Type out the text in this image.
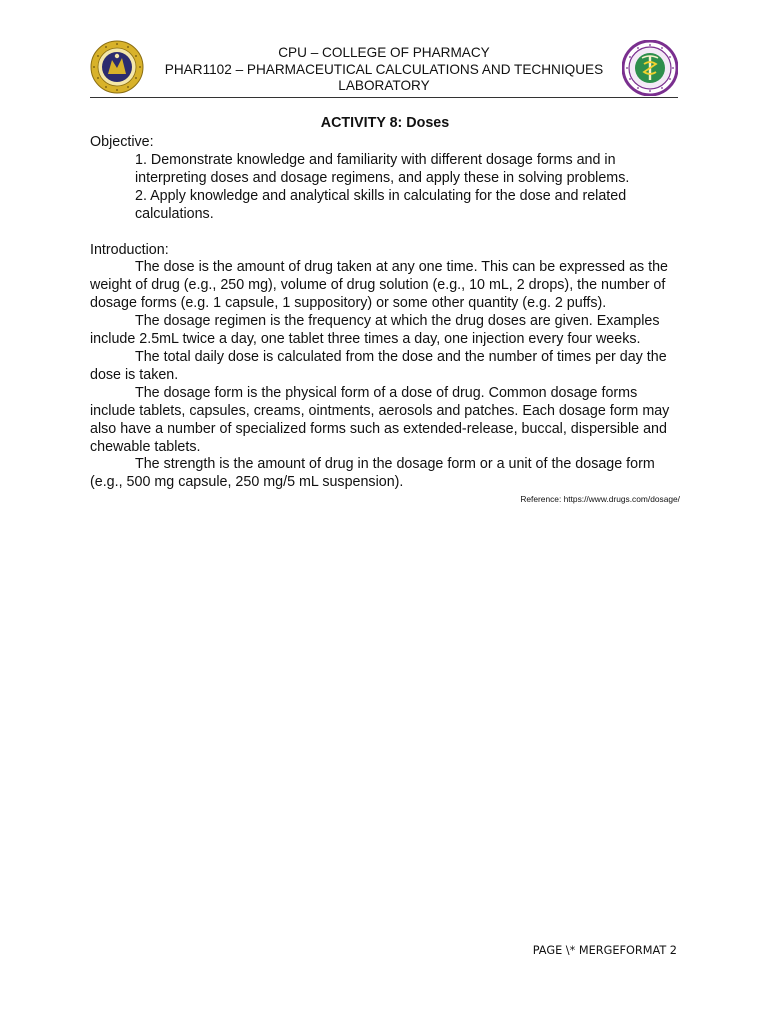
CPU – COLLEGE OF PHARMACY
PHAR1102 – PHARMACEUTICAL CALCULATIONS AND TECHNIQUES
LABORATORY
ACTIVITY 8: Doses

Objective:

1. Demonstrate knowledge and familiarity with different dosage forms and in interpreting doses and dosage regimens, and apply these in solving problems.

2. Apply knowledge and analytical skills in calculating for the dose and related calculations.

Introduction:

The dose is the amount of drug taken at any one time. This can be expressed as the weight of drug (e.g., 250 mg), volume of drug solution (e.g., 10 mL, 2 drops), the number of dosage forms (e.g. 1 capsule, 1 suppository) or some other quantity (e.g. 2 puffs).

The dosage regimen is the frequency at which the drug doses are given. Examples include 2.5mL twice a day, one tablet three times a day, one injection every four weeks.

The total daily dose is calculated from the dose and the number of times per day the dose is taken.

The dosage form is the physical form of a dose of drug. Common dosage forms include tablets, capsules, creams, ointments, aerosols and patches. Each dosage form may also have a number of specialized forms such as extended-release, buccal, dispersible and chewable tablets.

The strength is the amount of drug in the dosage form or a unit of the dosage form (e.g., 500 mg capsule, 250 mg/5 mL suspension).

Reference: https://www.drugs.com/dosage/
PAGE \* MERGEFORMAT 2
